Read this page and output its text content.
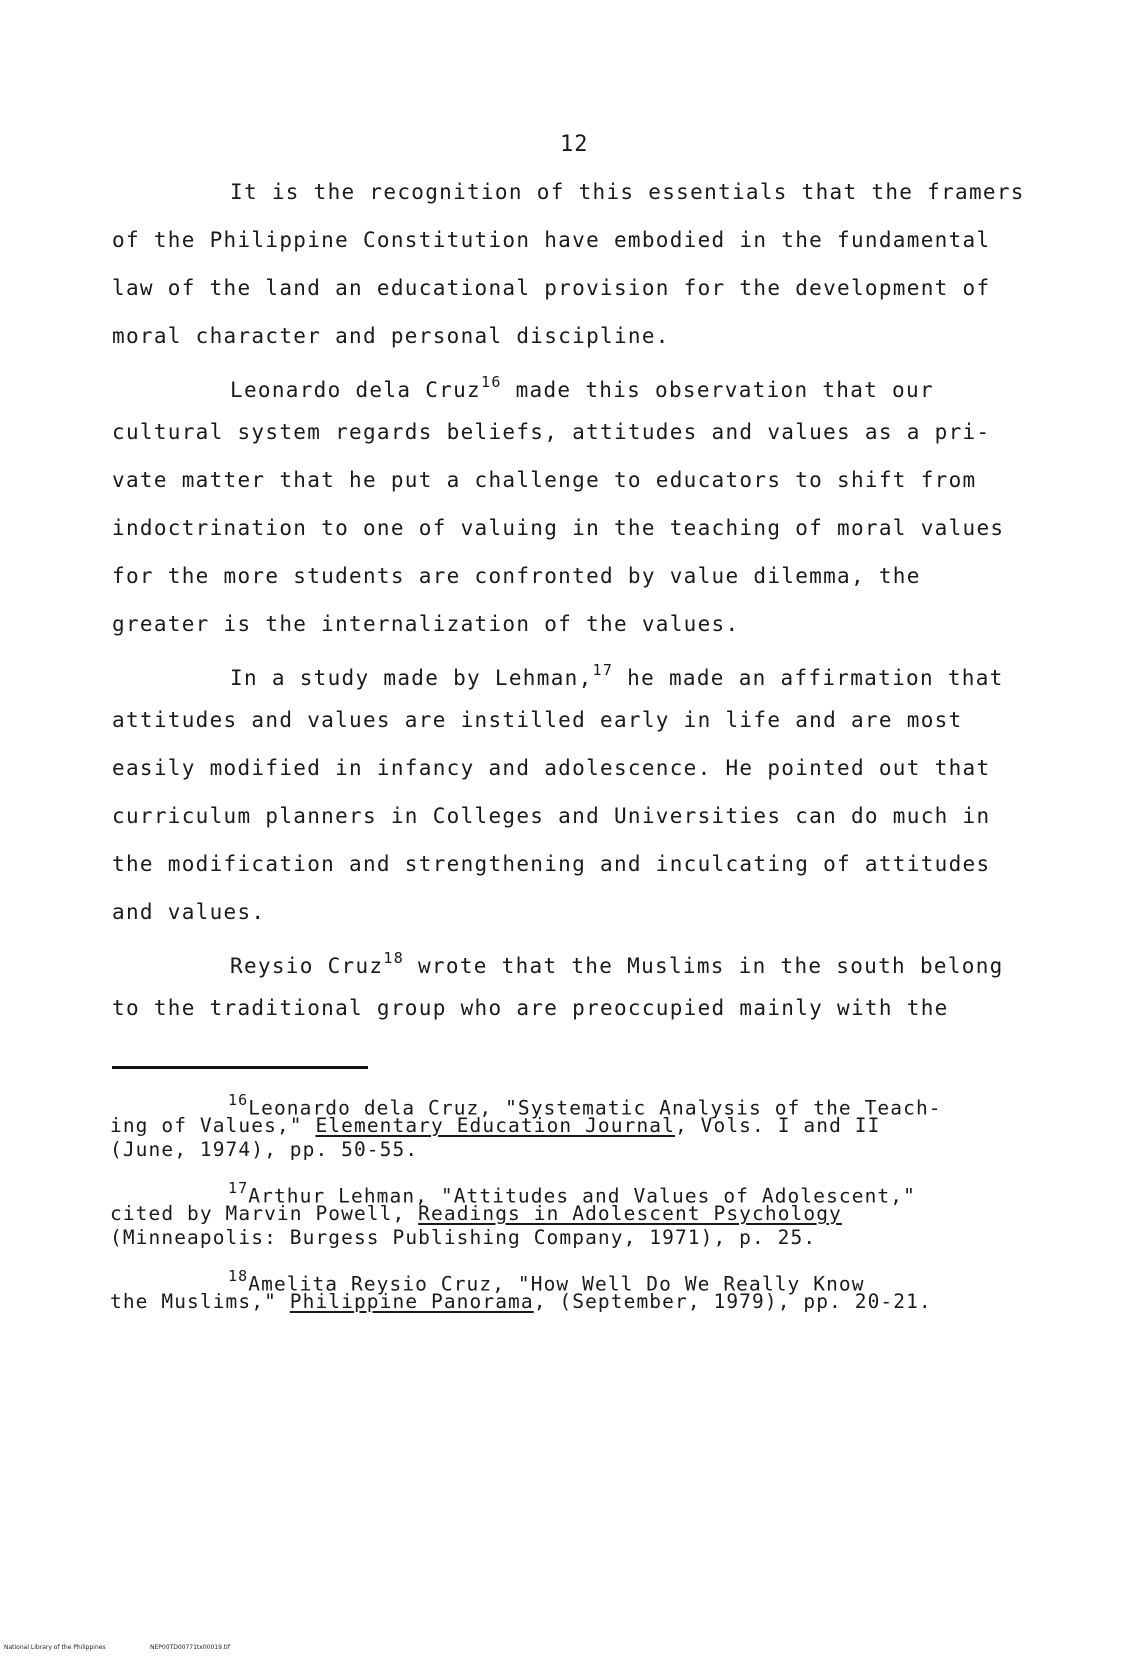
12
It is the recognition of this essentials that the framers
of the Philippine Constitution have embodied in the fundamental
law of the land an educational provision for the development of
moral character and personal discipline.
Leonardo dela Cruz$^{16}$ made this observation that our
cultural system regards beliefs, attitudes and values as a pri-
vate matter that he put a challenge to educators to shift from
indoctrination to one of valuing in the teaching of moral values
for the more students are confronted by value dilemma, the
greater is the internalization of the values.
In a study made by Lehman,$^{17}$ he made an affirmation that
attitudes and values are instilled early in life and are most
easily modified in infancy and adolescence. He pointed out that
curriculum planners in Colleges and Universities can do much in
the modification and strengthening and inculcating of attitudes
and values.
Reysio Cruz$^{18}$ wrote that the Muslims in the south belong
to the traditional group who are preoccupied mainly with the
$^{16}$Leonardo dela Cruz, "Systematic Analysis of the Teach-
ing of Values," Elementary Education Journal, Vols. I and II
(June, 1974), pp. 50-55.
$^{17}$Arthur Lehman, "Attitudes and Values of Adolescent,"
cited by Marvin Powell, Readings in Adolescent Psychology
(Minneapolis: Burgess Publishing Company, 1971), p. 25.
$^{18}$Amelita Reysio Cruz, "How Well Do We Really Know
the Muslims," Philippine Panorama, (September, 1979), pp. 20-21.
National Library of the Philippines	NEP00TD00771tx00019.tif
